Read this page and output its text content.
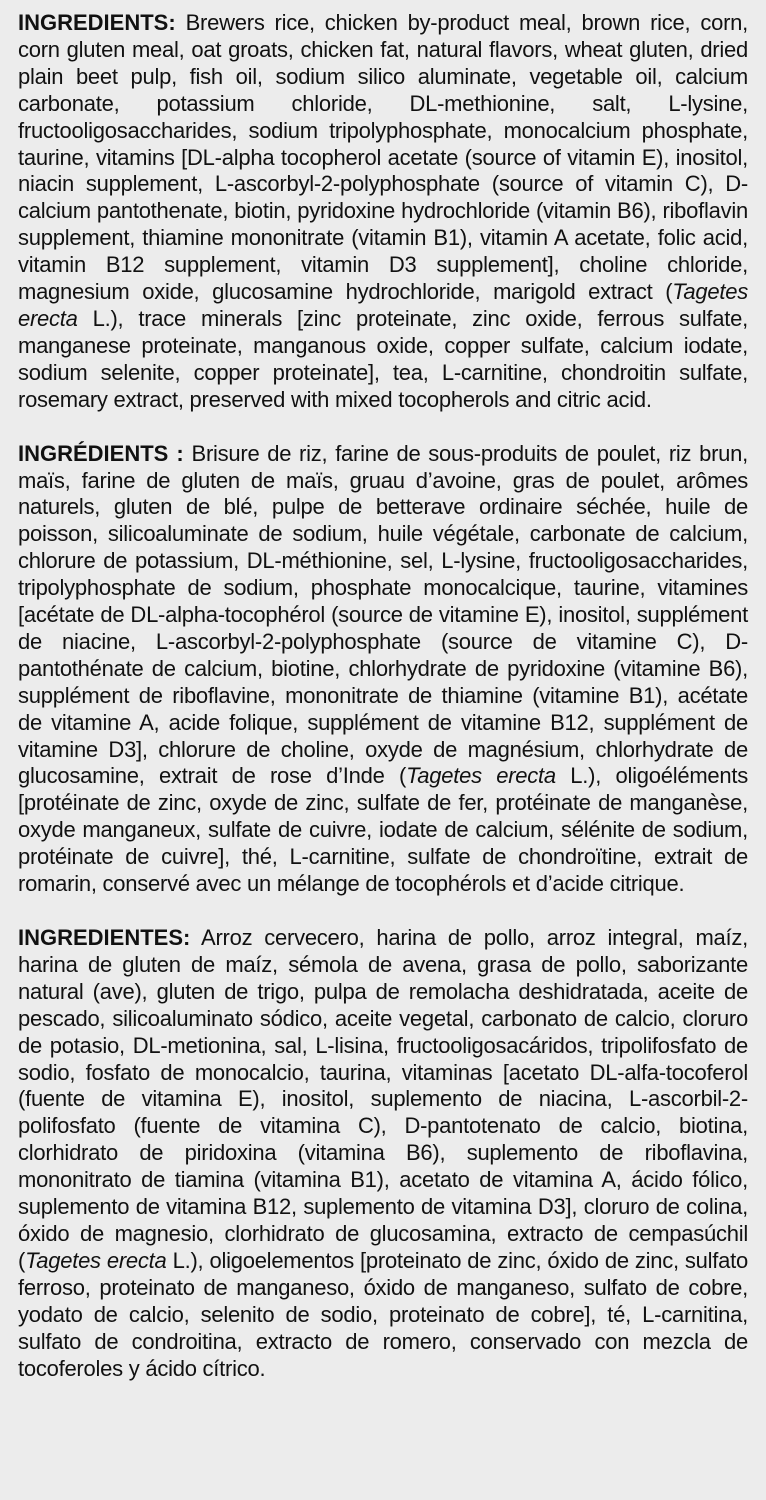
INGREDIENTS: Brewers rice, chicken by-product meal, brown rice, corn, corn gluten meal, oat groats, chicken fat, natural flavors, wheat gluten, dried plain beet pulp, fish oil, sodium silico aluminate, vegetable oil, calcium carbonate, potassium chloride, DL-methionine, salt, L-lysine, fructooligosaccharides, sodium tripolyphosphate, monocalcium phosphate, taurine, vitamins [DL-alpha tocopherol acetate (source of vitamin E), inositol, niacin supplement, L-ascorbyl-2-polyphosphate (source of vitamin C), D-calcium pantothenate, biotin, pyridoxine hydrochloride (vitamin B6), riboflavin supplement, thiamine mononitrate (vitamin B1), vitamin A acetate, folic acid, vitamin B12 supplement, vitamin D3 supplement], choline chloride, magnesium oxide, glucosamine hydrochloride, marigold extract (Tagetes erecta L.), trace minerals [zinc proteinate, zinc oxide, ferrous sulfate, manganese proteinate, manganous oxide, copper sulfate, calcium iodate, sodium selenite, copper proteinate], tea, L-carnitine, chondroitin sulfate, rosemary extract, preserved with mixed tocopherols and citric acid.

INGRÉDIENTS : Brisure de riz, farine de sous-produits de poulet, riz brun, maïs, farine de gluten de maïs, gruau d’avoine, gras de poulet, arômes naturels, gluten de blé, pulpe de betterave ordinaire séchée, huile de poisson, silicoaluminate de sodium, huile végétale, carbonate de calcium, chlorure de potassium, DL-méthionine, sel, L-lysine, fructooligosaccharides, tripolyphosphate de sodium, phosphate monocalcique, taurine, vitamines [acétate de DL-alpha-tocophérol (source de vitamine E), inositol, supplément de niacine, L-ascorbyl-2-polyphosphate (source de vitamine C), D-pantothénate de calcium, biotine, chlorhydrate de pyridoxine (vitamine B6), supplément de riboflavine, mononitrate de thiamine (vitamine B1), acétate de vitamine A, acide folique, supplément de vitamine B12, supplément de vitamine D3], chlorure de choline, oxyde de magnésium, chlorhydrate de glucosamine, extrait de rose d’Inde (Tagetes erecta L.), oligoéléments [protéinate de zinc, oxyde de zinc, sulfate de fer, protéinate de manganèse, oxyde manganeux, sulfate de cuivre, iodate de calcium, sélénite de sodium, protéinate de cuivre], thé, L-carnitine, sulfate de chondroïtine, extrait de romarin, conservé avec un mélange de tocophérols et d’acide citrique.

INGREDIENTES: Arroz cervecero, harina de pollo, arroz integral, maíz, harina de gluten de maíz, sémola de avena, grasa de pollo, saborizante natural (ave), gluten de trigo, pulpa de remolacha deshidratada, aceite de pescado, silicoaluminato sódico, aceite vegetal, carbonato de calcio, cloruro de potasio, DL-metionina, sal, L-lisina, fructooligosacáridos, tripolifosfato de sodio, fosfato de monocalcio, taurina, vitaminas [acetato DL-alfa-tocoferol (fuente de vitamina E), inositol, suplemento de niacina, L-ascorbil-2-polifosfato (fuente de vitamina C), D-pantotenato de calcio, biotina, clorhidrato de piridoxina (vitamina B6), suplemento de riboflavina, mononitrato de tiamina (vitamina B1), acetato de vitamina A, ácido fólico, suplemento de vitamina B12, suplemento de vitamina D3], cloruro de colina, óxido de magnesio, clorhidrato de glucosamina, extracto de cempasúchil (Tagetes erecta L.), oligoelementos [proteinato de zinc, óxido de zinc, sulfato ferroso, proteinato de manganeso, óxido de manganeso, sulfato de cobre, yodato de calcio, selenito de sodio, proteinato de cobre], té, L-carnitina, sulfato de condroitina, extracto de romero, conservado con mezcla de tocoferoles y ácido cítrico.
